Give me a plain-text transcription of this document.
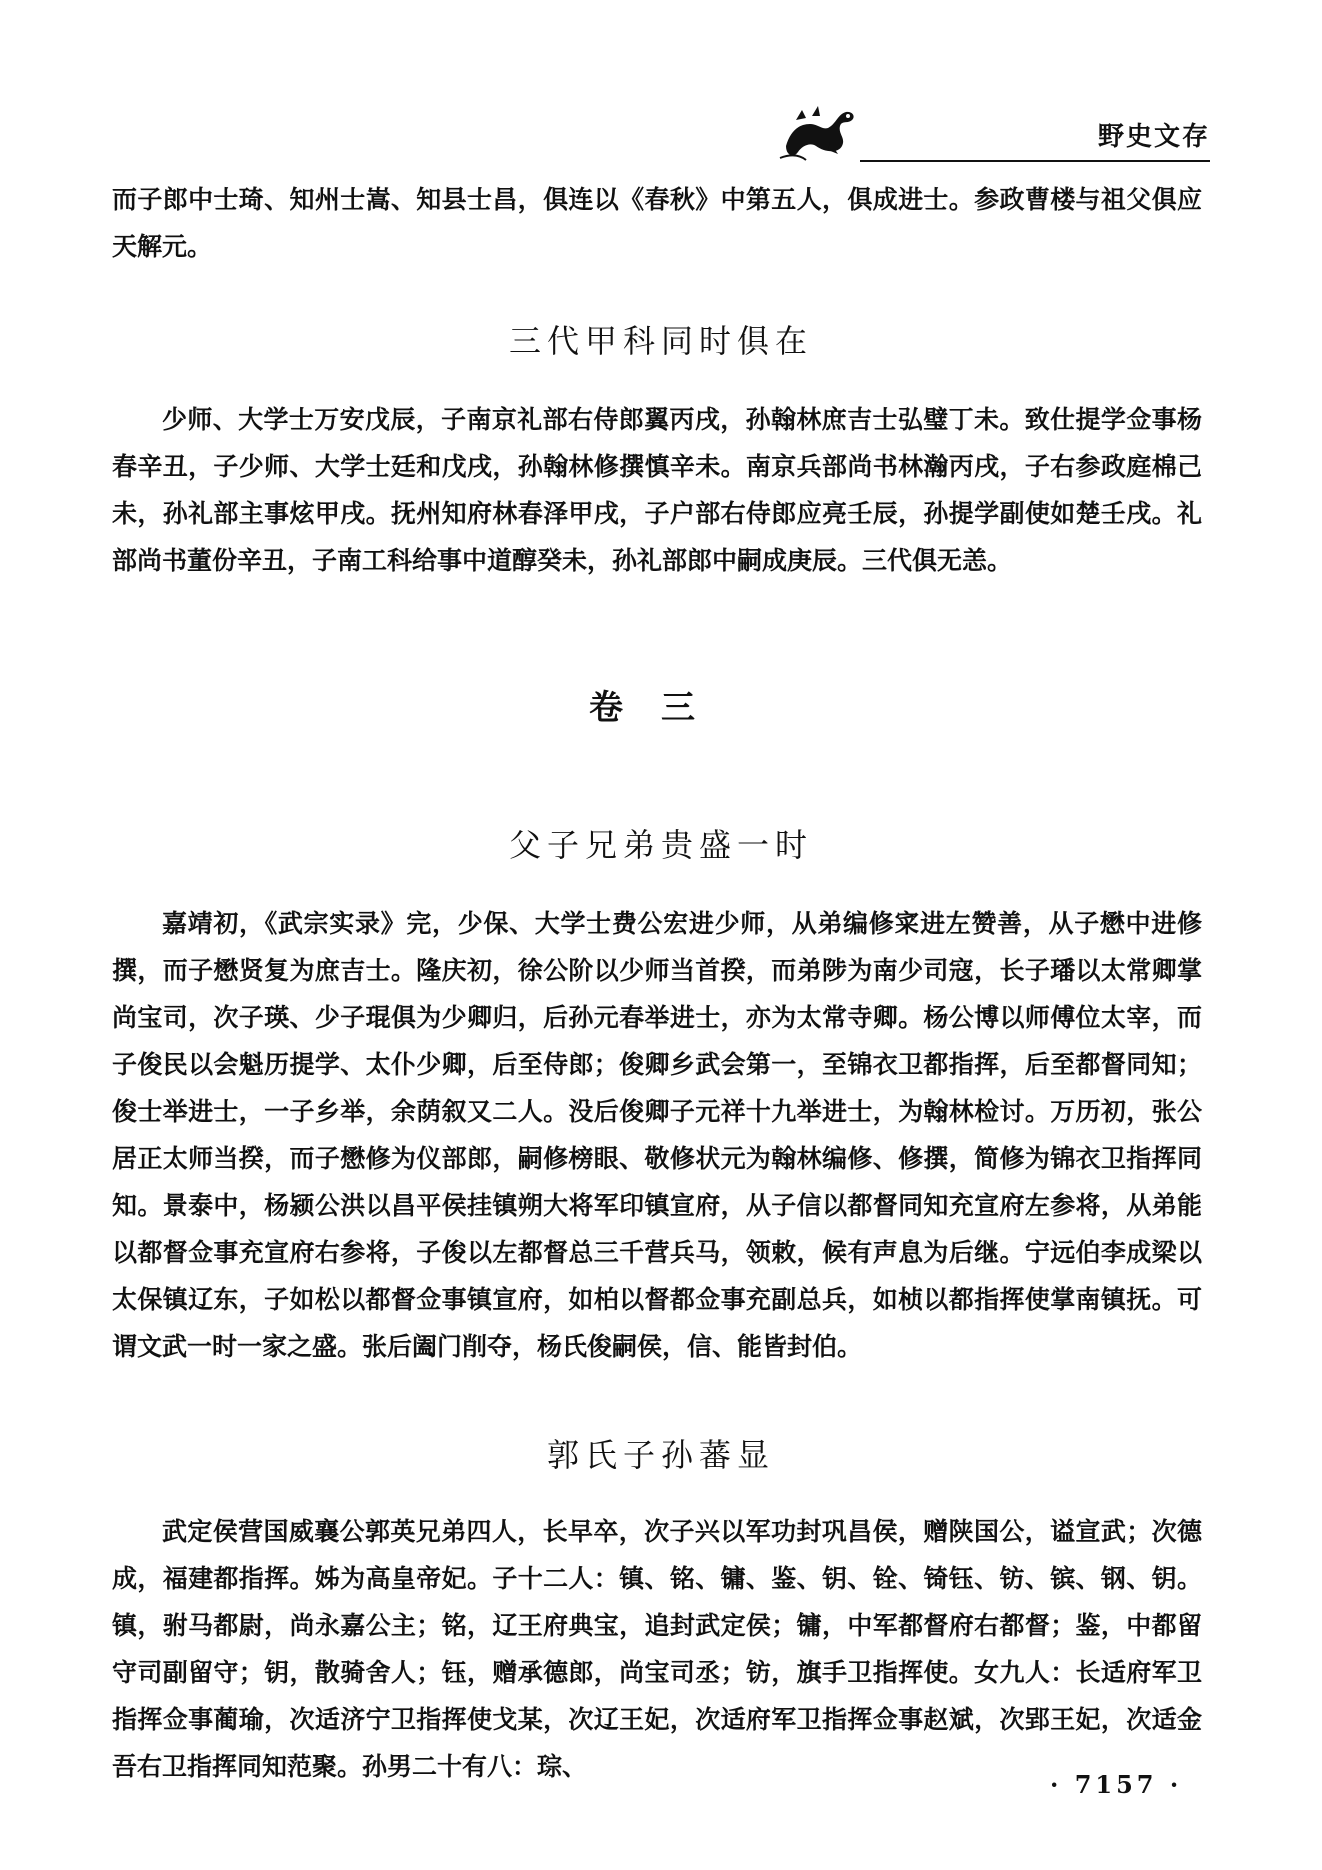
野史文存

而子郎中士琦、知州士嵩、知县士昌，俱连以《春秋》中第五人，俱成进士。参政曹楼与祖父俱应天解元。

三代甲科同时俱在

少师、大学士万安戊辰，子南京礼部右侍郎翼丙戌，孙翰林庶吉士弘璧丁未。致仕提学佥事杨春辛丑，子少师、大学士廷和戊戌，孙翰林修撰慎辛未。南京兵部尚书林瀚丙戌，子右参政庭棉己未，孙礼部主事炫甲戌。抚州知府林春泽甲戌，子户部右侍郎应亮壬辰，孙提学副使如楚壬戌。礼部尚书董份辛丑，子南工科给事中道醇癸未，孙礼部郎中嗣成庚辰。三代俱无恙。

卷三
父子兄弟贵盛一时

嘉靖初，《武宗实录》完，少保、大学士费公宏进少师，从弟编修寀进左赞善，从子懋中进修撰，而子懋贤复为庶吉士。隆庆初，徐公阶以少师当首揆，而弟陟为南少司寇，长子璠以太常卿掌尚宝司，次子瑛、少子琨俱为少卿归，后孙元春举进士，亦为太常寺卿。杨公博以师傅位太宰，而子俊民以会魁历提学、太仆少卿，后至侍郎；俊卿乡武会第一，至锦衣卫都指挥，后至都督同知；俊士举进士，一子乡举，余荫叙又二人。没后俊卿子元祥十九举进士，为翰林检讨。万历初，张公居正太师当揆，而子懋修为仪部郎，嗣修榜眼、敬修状元为翰林编修、修撰，简修为锦衣卫指挥同知。景泰中，杨颍公洪以昌平侯挂镇朔大将军印镇宣府，从子信以都督同知充宣府左参将，从弟能以都督佥事充宣府右参将，子俊以左都督总三千营兵马，领敕，候有声息为后继。宁远伯李成梁以太保镇辽东，子如松以都督佥事镇宣府，如柏以督都佥事充副总兵，如桢以都指挥使掌南镇抚。可谓文武一时一家之盛。张后阖门削夺，杨氏俊嗣侯，信、能皆封伯。

郭氏子孙蕃显

武定侯营国威襄公郭英兄弟四人，长早卒，次子兴以军功封巩昌侯，赠陕国公，谥宣武；次德成，福建都指挥。姊为高皇帝妃。子十二人：镇、铭、镛、鉴、钥、铨、锜钰、钫、镔、钢、钥。镇，驸马都尉，尚永嘉公主；铭，辽王府典宝，追封武定侯；镛，中军都督府右都督；鉴，中都留守司副留守；钥，散骑舍人；钰，赠承德郎，尚宝司丞；钫，旗手卫指挥使。女九人：长适府军卫指挥佥事蔺瑜，次适济宁卫指挥使戈某，次辽王妃，次适府军卫指挥佥事赵斌，次郢王妃，次适金吾右卫指挥同知范聚。孙男二十有八：琮、

· 7157 ·
